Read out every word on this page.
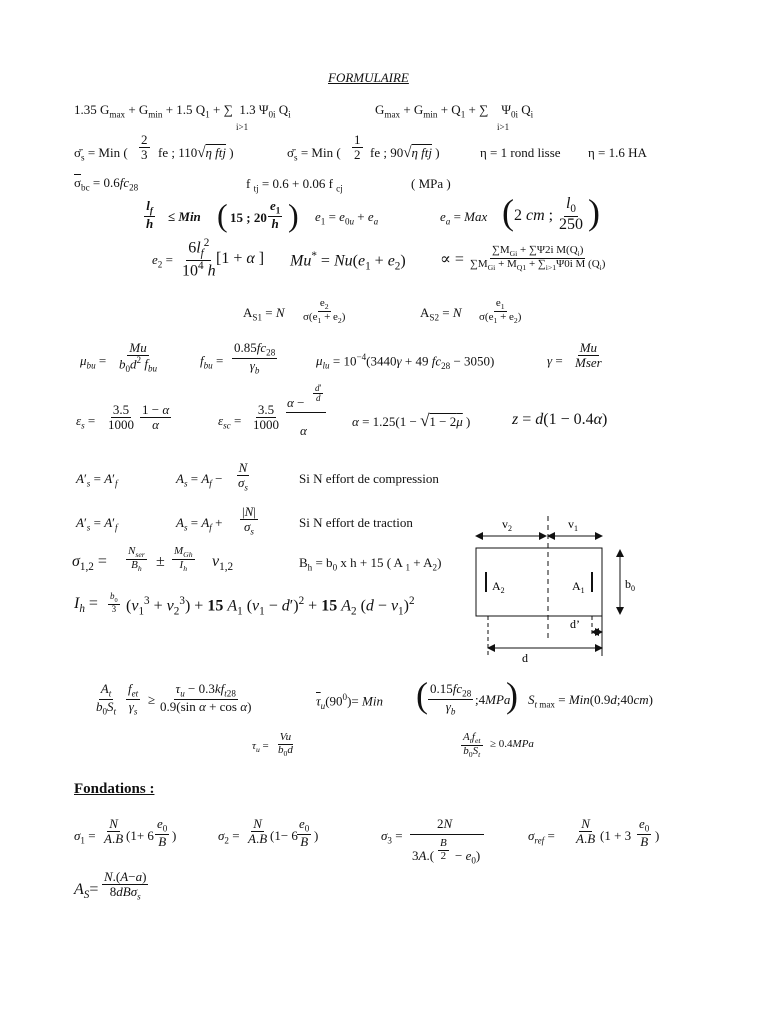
FORMULAIRE
1.35 $G_{max} + G_{min} + 1.5$ $Q_1$ + ∑  1.3 $\Psi_{0i}$ $Q_i$
i>1
$G_{max} + G_{min} + Q_1$ + ∑    $\Psi_{0i}$ $Q_i$
i>1
$\sigmā_s$ = Min ( $\frac{2}{3}$ fe ; 110√η ftj )	$\sigmā_s$ = Min ( $\frac{1}{2}$ fe ; 90√η ftj )	η = 1 rond lisse η = 1.6 HA
$\overline{\sigma}_{bc} = 0.6fc_{28}$	f $_{tj}$ = 0.6 + 0.06 f $_{cj}$	( MPa )
$\frac{l_f}{h}$ ≤ Min ( 15 ; $20 \frac{e_1}{h}$ ) $e_1 = e_{0u} + e_a$	$e_a$ = Max ( 2 cm ; $\frac{l_0}{250}$ )
$e_2 = \frac{6l_f^2}{10^4 h}$
[1 + α ] $Mu^* = Nu(e_1 + e_2)$ ∝ =
$\sum M_{Gi} + \sum\Psi 2i$ $M(Q_i)$
$\sum M_{Gi} + M_{Q1} + \sum_{i>1}\Psi 0i$ M $(Q_i)$
$A_{S1} = N \frac{e_2}{\sigma(e_1 + e_2)}$	$A_{S2} = N \frac{e_1}{\sigma(e_1 + e_2)}$
$\mu_{bu}$ =
Mu
$b_0d^2$ $f_{bu}$
$f_{bu} = \frac{0.85fc_{28}}{\gamma_b}$	$\mu_{lu} = 10^{-4}(3440\gamma + 49$ $fc_{28} - 3050$)	γ =
Mu
Mser
$\varepsilon_s = \frac{3.5}{1000} \frac{1 - \alpha}{\alpha}$	$\varepsilon_{sc} = \frac{3.5}{1000}$
$\alpha - \frac{d'}{d}$
α
α = 1.25(1 − √1 − 2μ )	z = d(1 − 0.4α)
$A'_s = A'_f$	$A_s = A_f - \frac{N}{\sigma_s}$	Si N effort de compression
$A'_s = A'_f$	$A_s = A_f + \frac{|N|}{\sigma_s}$	Si N effort de traction
$\sigma_{1,2}$ =
$N_{ser}$
$B_h$ ±
$M_{Gh}$
$I_h$ $v_{1,2}$	$B_h = b_0$ x h + 15 ( A $_1 + A_2$)
$I_h = \frac{b_0}{3} (v_1^3 + v_2^3) + 15$ $A_1$ $(v_1 - d')^2 + 15$ $A_2$ $(d - v_1)^2$
$v_2$	$v_1$
$A_2$	$A_1$	$b_0$
d’
d
$\frac{A_t}{b_0S_t} f_{et}$
$\gamma_s$
≥
$\tau_u - 0.3kf_{t28}$
0.9(sin α + cos α)	$\overline{\tau}_u(90^0)=$ Min ( $\frac{0.15fc_{28}}{\gamma_b}$ ;4MPa
) $S_{t max}$ = Min(0.9d;40cm)
$\tau_u = \frac{Vu}{b_0d}$	$A_tf_{et}$
$b_0S_t$
≥ 0.4MPa
Fondations :
$\sigma_1 = \frac{N}{A.B} (1+ 6 \frac{e_0}{B}$ )	$\sigma_2 = \frac{N}{A.B} (1- 6 \frac{e_0}{B}$ )	$\sigma_3$ =
2N
$3A.( \frac{B}{2} - e_0)$
$\sigma_{ref} = \frac{N}{A.B} (1 + 3 \frac{e_0}{B}$ )
$A_S=$
N.(A−a)
8dBσ$_s$
